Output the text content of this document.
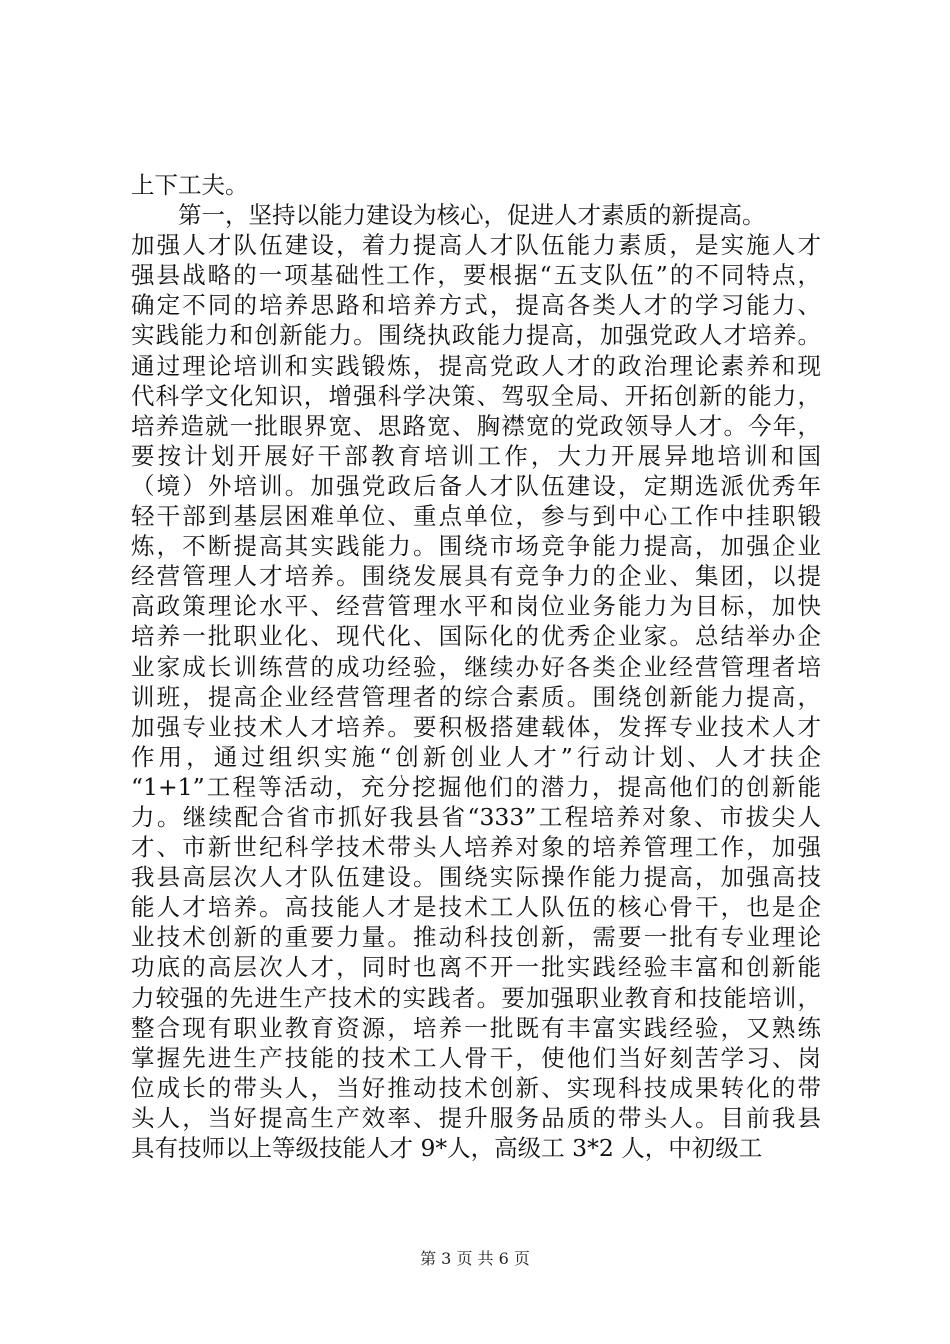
上下工夫。
第一，坚持以能力建设为核心，促进人才素质的新提高。
加强人才队伍建设，着力提高人才队伍能力素质，是实施人才
强县战略的一项基础性工作，要根据“五支队伍”的不同特点，
确定不同的培养思路和培养方式，提高各类人才的学习能力、
实践能力和创新能力。围绕执政能力提高，加强党政人才培养。
通过理论培训和实践锻炼，提高党政人才的政治理论素养和现
代科学文化知识，增强科学决策、驾驭全局、开拓创新的能力，
培养造就一批眼界宽、思路宽、胸襟宽的党政领导人才。今年，
要按计划开展好干部教育培训工作，大力开展异地培训和国
（境）外培训。加强党政后备人才队伍建设，定期选派优秀年
轻干部到基层困难单位、重点单位，参与到中心工作中挂职锻
炼，不断提高其实践能力。围绕市场竞争能力提高，加强企业
经营管理人才培养。围绕发展具有竞争力的企业、集团，以提
高政策理论水平、经营管理水平和岗位业务能力为目标，加快
培养一批职业化、现代化、国际化的优秀企业家。总结举办企
业家成长训练营的成功经验，继续办好各类企业经营管理者培
训班，提高企业经营管理者的综合素质。围绕创新能力提高，
加强专业技术人才培养。要积极搭建载体，发挥专业技术人才
作用，通过组织实施“创新创业人才”行动计划、人才扶企
“1+1”工程等活动，充分挖掘他们的潜力，提高他们的创新能
力。继续配合省市抓好我县省“333”工程培养对象、市拔尖人
才、市新世纪科学技术带头人培养对象的培养管理工作，加强
我县高层次人才队伍建设。围绕实际操作能力提高，加强高技
能人才培养。高技能人才是技术工人队伍的核心骨干，也是企
业技术创新的重要力量。推动科技创新，需要一批有专业理论
功底的高层次人才，同时也离不开一批实践经验丰富和创新能
力较强的先进生产技术的实践者。要加强职业教育和技能培训，
整合现有职业教育资源，培养一批既有丰富实践经验，又熟练
掌握先进生产技能的技术工人骨干，使他们当好刻苦学习、岗
位成长的带头人，当好推动技术创新、实现科技成果转化的带
头人，当好提高生产效率、提升服务品质的带头人。目前我县
具有技师以上等级技能人才 9*人，高级工 3*2 人，中初级工
第 3 页 共 6 页
